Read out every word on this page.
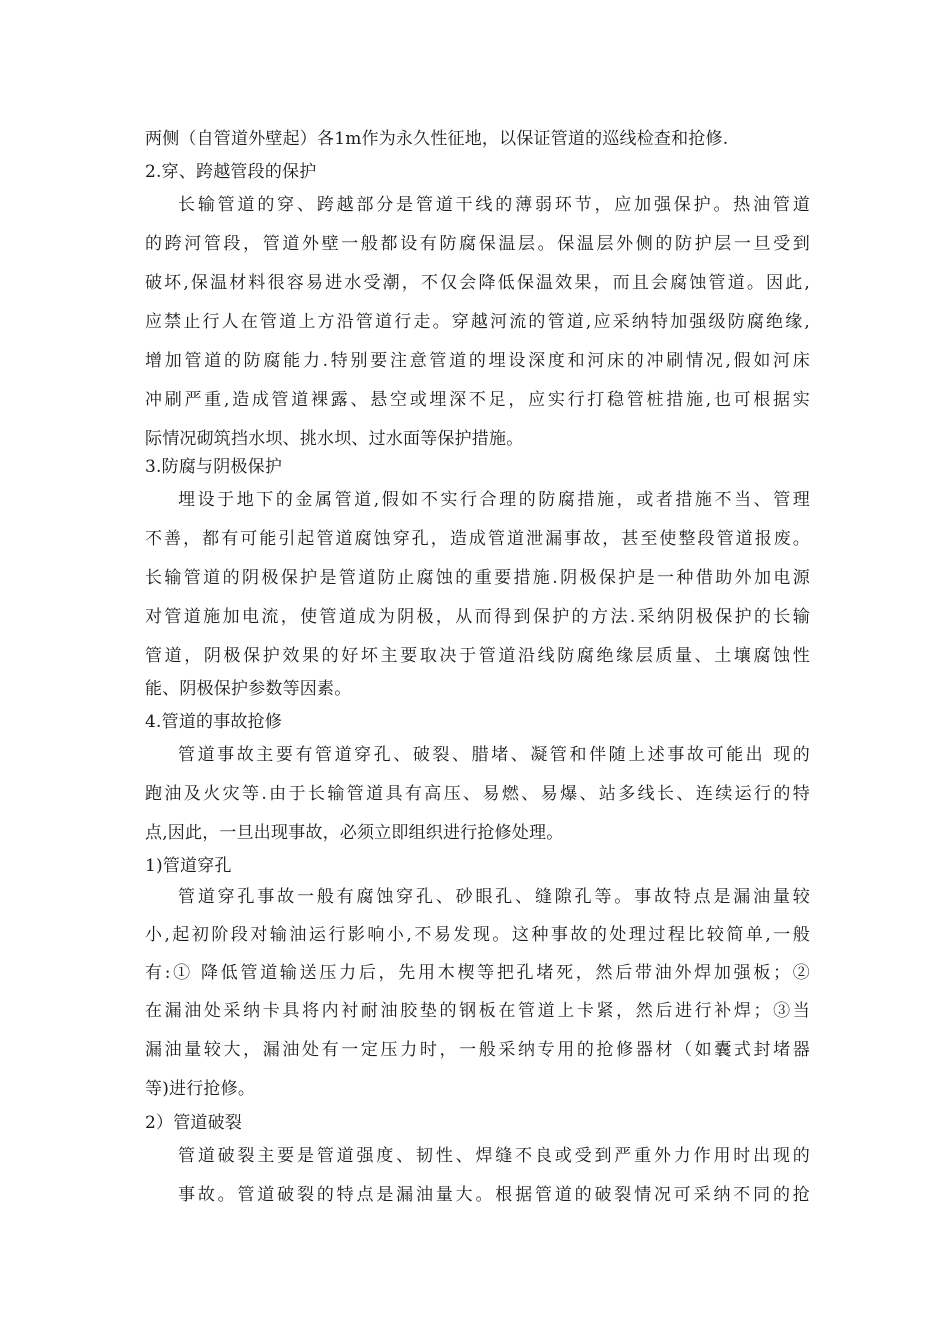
两侧（自管道外壁起）各1m作为永久性征地，以保证管道的巡线检查和抢修.
2.穿、跨越管段的保护
长输管道的穿、跨越部分是管道干线的薄弱环节，应加强保护。热油管道
的跨河管段，管道外壁一般都设有防腐保温层。保温层外侧的防护层一旦受到
破坏,保温材料很容易进水受潮，不仅会降低保温效果，而且会腐蚀管道。因此,
应禁止行人在管道上方沿管道行走。穿越河流的管道,应采纳特加强级防腐绝缘,
增加管道的防腐能力.特别要注意管道的埋设深度和河床的冲刷情况,假如河床
冲刷严重,造成管道裸露、悬空或埋深不足，应实行打稳管桩措施,也可根据实
际情况砌筑挡水坝、挑水坝、过水面等保护措施。
3.防腐与阴极保护
埋设于地下的金属管道,假如不实行合理的防腐措施，或者措施不当、管理
不善，都有可能引起管道腐蚀穿孔，造成管道泄漏事故，甚至使整段管道报废。
长输管道的阴极保护是管道防止腐蚀的重要措施.阴极保护是一种借助外加电源
对管道施加电流，使管道成为阴极，从而得到保护的方法.采纳阴极保护的长输
管道，阴极保护效果的好坏主要取决于管道沿线防腐绝缘层质量、土壤腐蚀性
能、阴极保护参数等因素。
4.管道的事故抢修
管道事故主要有管道穿孔、破裂、腊堵、凝管和伴随上述事故可能出 现的
跑油及火灾等.由于长输管道具有高压、易燃、易爆、站多线长、连续运行的特
点,因此，一旦出现事故，必须立即组织进行抢修处理。
1)管道穿孔
管道穿孔事故一般有腐蚀穿孔、砂眼孔、缝隙孔等。事故特点是漏油量较
小,起初阶段对输油运行影响小,不易发现。这种事故的处理过程比较简单,一般
有:① 降低管道输送压力后，先用木楔等把孔堵死，然后带油外焊加强板；②
在漏油处采纳卡具将内衬耐油胶垫的钢板在管道上卡紧，然后进行补焊；③当
漏油量较大，漏油处有一定压力时，一般采纳专用的抢修器材（如囊式封堵器
等)进行抢修。
2）管道破裂
管道破裂主要是管道强度、韧性、焊缝不良或受到严重外力作用时出现的
事故。管道破裂的特点是漏油量大。根据管道的破裂情况可采纳不同的抢
